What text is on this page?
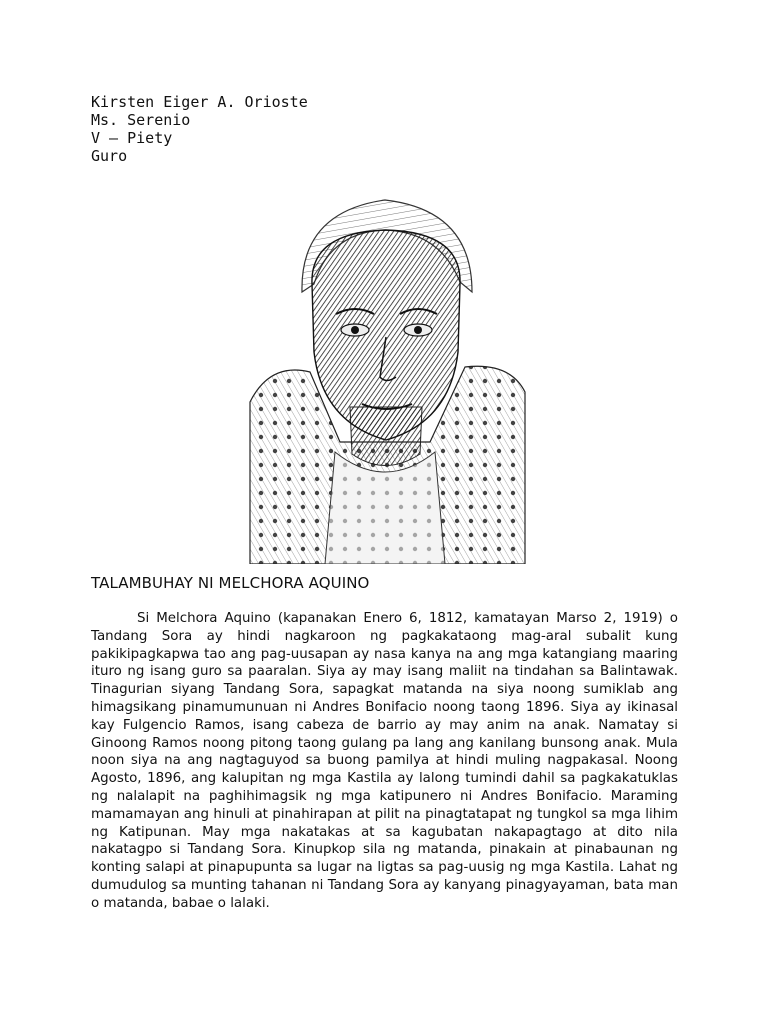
Kirsten Eiger A. Orioste

Ms. Serenio

V – Piety

Guro

TALAMBUHAY NI MELCHORA AQUINO

Si Melchora Aquino (kapanakan Enero 6, 1812, kamatayan Marso 2, 1919) o Tandang Sora ay hindi nagkaroon ng pagkakataong mag-aral subalit kung pakikipagkapwa tao ang pag-uusapan ay nasa kanya na ang mga katangiang maaring ituro ng isang guro sa paaralan. Siya ay may isang maliit na tindahan sa Balintawak. Tinagurian siyang Tandang Sora, sapagkat matanda na siya noong sumiklab ang himagsikang pinamumunuan ni Andres Bonifacio noong taong 1896. Siya ay ikinasal kay Fulgencio Ramos, isang cabeza de barrio ay may anim na anak. Namatay si Ginoong Ramos noong pitong taong gulang pa lang ang kanilang bunsong anak. Mula noon siya na ang nagtaguyod sa buong pamilya at hindi muling nagpakasal. Noong Agosto, 1896, ang kalupitan ng mga Kastila ay lalong tumindi dahil sa pagkakatuklas ng nalalapit na paghihimagsik ng mga katipunero ni Andres Bonifacio. Maraming mamamayan ang hinuli at pinahirapan at pilit na pinagtatapat ng tungkol sa mga lihim ng Katipunan. May mga nakatakas at sa kagubatan nakapagtago at dito nila nakatagpo si Tandang Sora. Kinupkop sila ng matanda, pinakain at pinabaunan ng konting salapi at pinapupunta sa lugar na ligtas sa pag-uusig ng mga Kastila. Lahat ng dumudulog sa munting tahanan ni Tandang Sora ay kanyang pinagyayaman, bata man o matanda, babae o lalaki.
